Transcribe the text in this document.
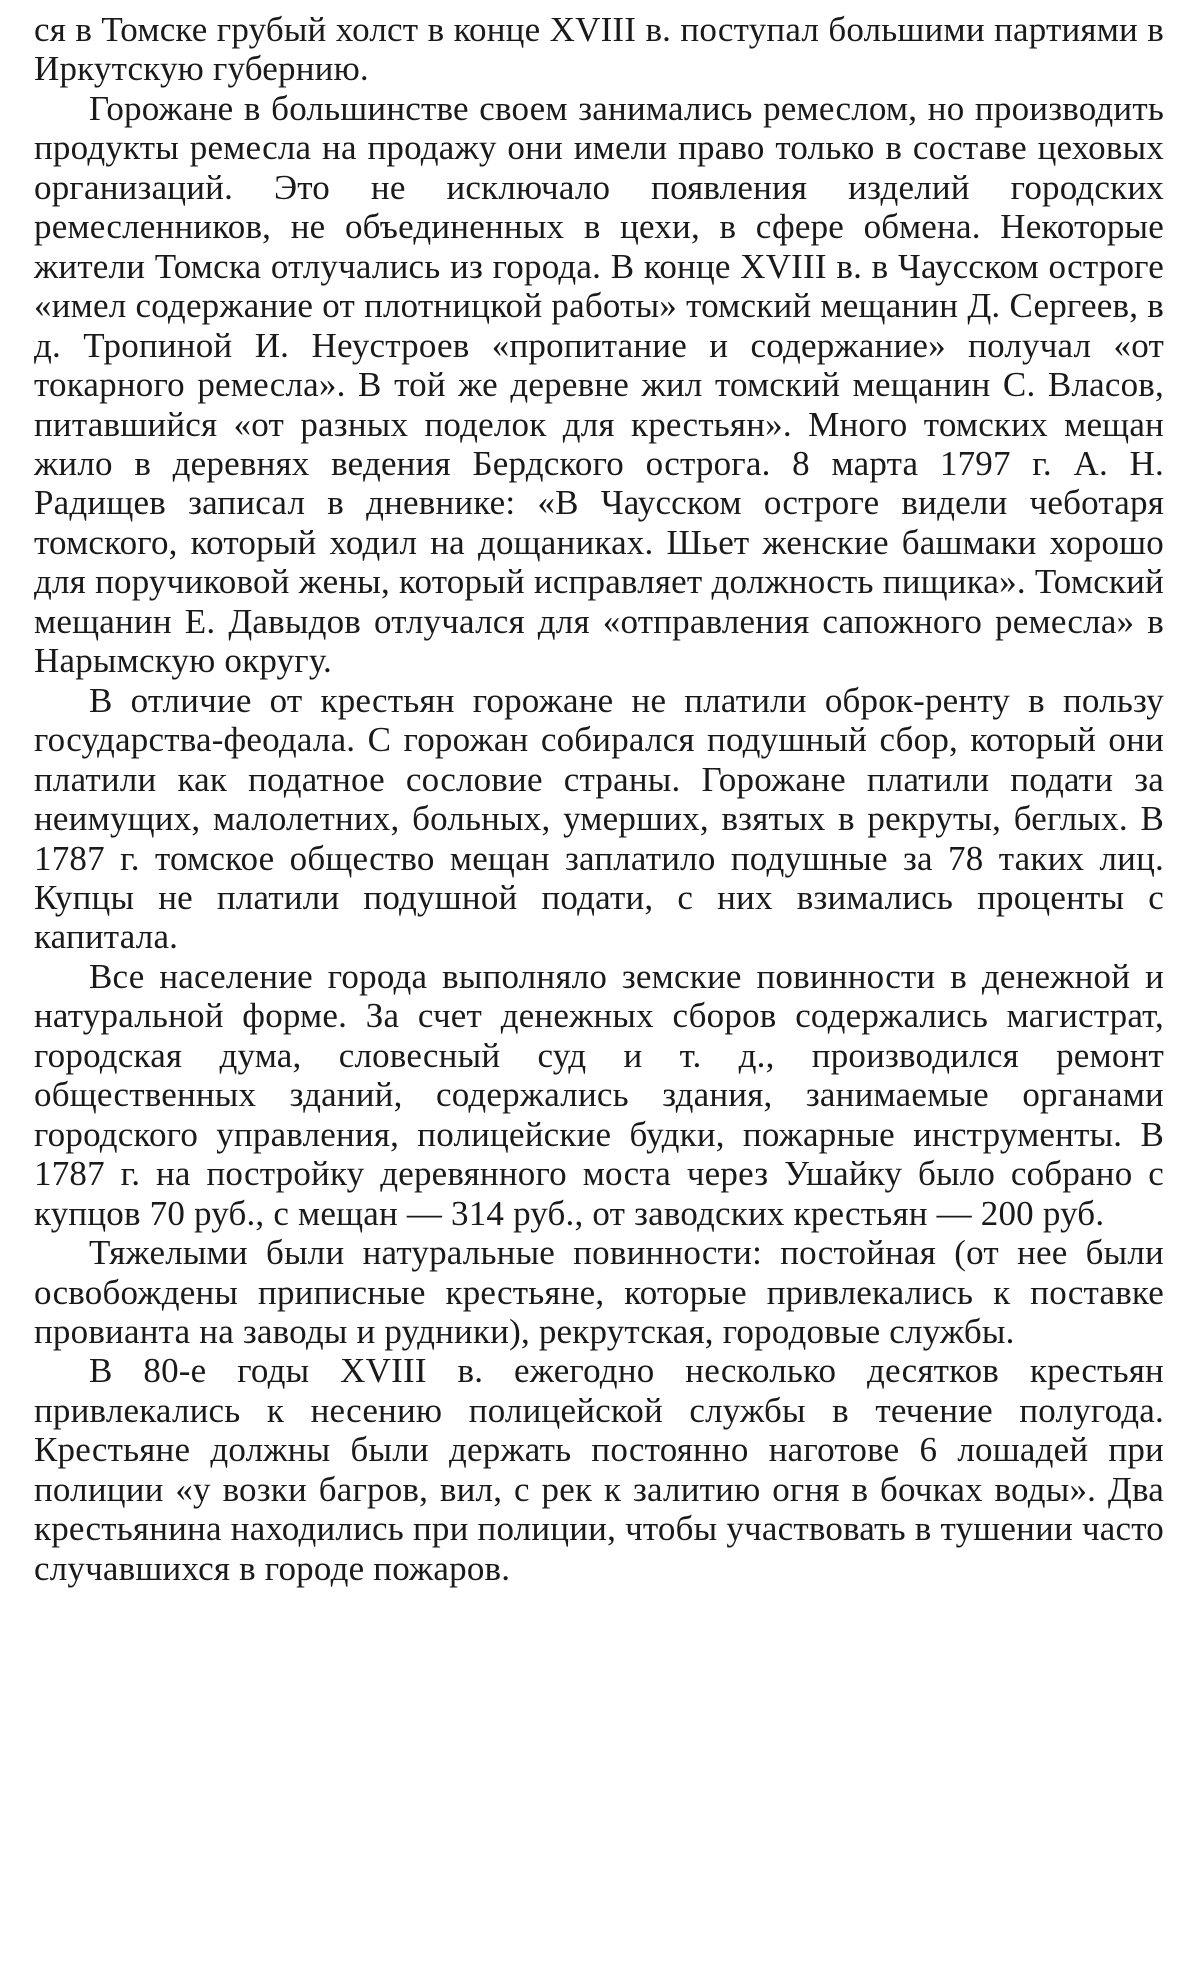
ся в Томске грубый холст в конце XVIII в. поступал большими партиями в Иркутскую губернию.

Горожане в большинстве своем занимались ремеслом, но производить продукты ремесла на продажу они имели право только в составе цеховых организаций. Это не исключало появления изделий городских ремесленников, не объединенных в цехи, в сфере обмена. Некоторые жители Томска отлучались из города. В конце XVIII в. в Чаусском остроге «имел содержание от плотницкой работы» томский мещанин Д. Сергеев, в д. Тропиной И. Неустроев «пропитание и содержание» получал «от токарного ремесла». В той же деревне жил томский мещанин С. Власов, питавшийся «от разных поделок для крестьян». Много томских мещан жило в деревнях ведения Бердского острога. 8 марта 1797 г. А. Н. Радищев записал в дневнике: «В Чаусском остроге видели чеботаря томского, который ходил на дощаниках. Шьет женские башмаки хорошо для поручиковой жены, который исправляет должность пищика». Томский мещанин Е. Давыдов отлучался для «отправления сапожного ремесла» в Нарымскую округу.

В отличие от крестьян горожане не платили оброк-ренту в пользу государства-феодала. С горожан собирался подушный сбор, который они платили как податное сословие страны. Горожане платили подати за неимущих, малолетних, больных, умерших, взятых в рекруты, беглых. В 1787 г. томское общество мещан заплатило подушные за 78 таких лиц. Купцы не платили подушной подати, с них взимались проценты с капитала.

Все население города выполняло земские повинности в денежной и натуральной форме. За счет денежных сборов содержались магистрат, городская дума, словесный суд и т. д., производился ремонт общественных зданий, содержались здания, занимаемые органами городского управления, полицейские будки, пожарные инструменты. В 1787 г. на постройку деревянного моста через Ушайку было собрано с купцов 70 руб., с мещан — 314 руб., от заводских крестьян — 200 руб.

Тяжелыми были натуральные повинности: постойная (от нее были освобождены приписные крестьяне, которые привлекались к поставке провианта на заводы и рудники), рекрутская, городовые службы.

В 80-е годы XVIII в. ежегодно несколько десятков крестьян привлекались к несению полицейской службы в течение полугода. Крестьяне должны были держать постоянно наготове 6 лошадей при полиции «у возки багров, вил, с рек к залитию огня в бочках воды». Два крестьянина находились при полиции, чтобы участвовать в тушении часто случавшихся в городе пожаров.
